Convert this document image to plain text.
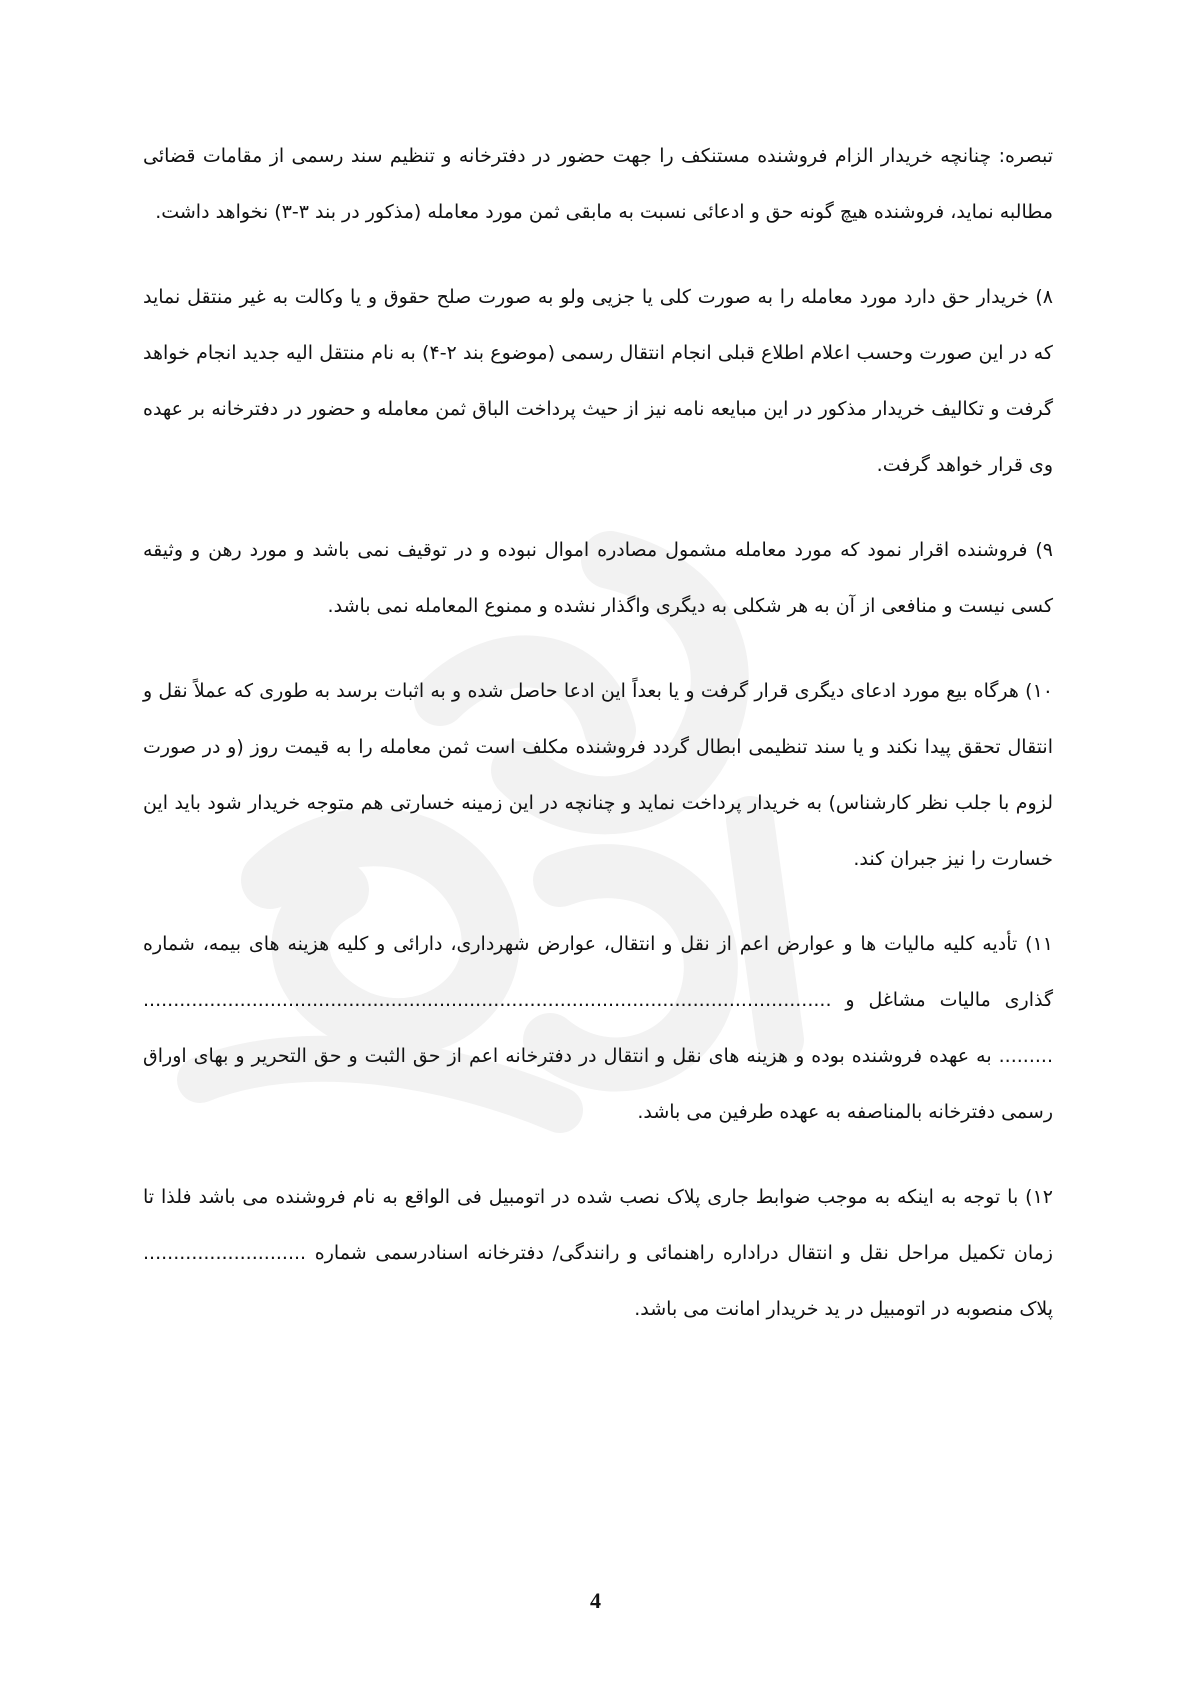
تبصره: چنانچه خریدار الزام فروشنده مستنکف را جهت حضور در دفترخانه و تنظیم سند رسمی از مقامات قضائی مطالبه نماید، فروشنده هیچ گونه حق و ادعائی نسبت به مابقی ثمن مورد معامله (مذکور در بند ۳-۳) نخواهد داشت.

۸) خریدار حق دارد مورد معامله را به صورت کلی یا جزیی ولو به صورت صلح حقوق و یا وکالت به غیر منتقل نماید که در این صورت وحسب اعلام اطلاع قبلی انجام انتقال رسمی (موضوع بند ۲-۴) به نام منتقل الیه جدید انجام خواهد گرفت و تکالیف خریدار مذکور در این مبایعه نامه نیز از حیث پرداخت الباق ثمن معامله و حضور در دفترخانه بر عهده وی قرار خواهد گرفت.

۹) فروشنده اقرار نمود که مورد معامله مشمول مصادره اموال نبوده و در توقیف نمی باشد و مورد رهن و وثیقه کسی نیست و منافعی از آن به هر شکلی به دیگری واگذار نشده و ممنوع المعامله نمی باشد.

۱۰) هرگاه بیع مورد ادعای دیگری قرار گرفت و یا بعداً این ادعا حاصل شده و به اثبات برسد به طوری که عملاً نقل و انتقال تحقق پیدا نکند و یا سند تنظیمی ابطال گردد فروشنده مکلف است ثمن معامله را به قیمت روز (و در صورت لزوم با جلب نظر کارشناس) به خریدار پرداخت نماید و چنانچه در این زمینه خسارتی هم متوجه خریدار شود باید این خسارت را نیز جبران کند.

۱۱) تأدیه کلیه مالیات ها و عوارض اعم از نقل و انتقال، عوارض شهرداری، دارائی و کلیه هزینه های بیمه، شماره گذاری مالیات مشاغل و .................................................................................................................. ......... به عهده فروشنده بوده و هزینه های نقل و انتقال در دفترخانه اعم از حق الثبت و حق التحریر و بهای اوراق رسمی دفترخانه بالمناصفه به عهده طرفین می باشد.

۱۲) با توجه به اینکه به موجب ضوابط جاری پلاک نصب شده در اتومبیل فی الواقع به نام فروشنده می باشد فلذا تا زمان تکمیل مراحل نقل و انتقال دراداره راهنمائی و رانندگی/ دفترخانه اسنادرسمی شماره ........................... پلاک منصوبه در اتومبیل در ید خریدار امانت می باشد.

4
